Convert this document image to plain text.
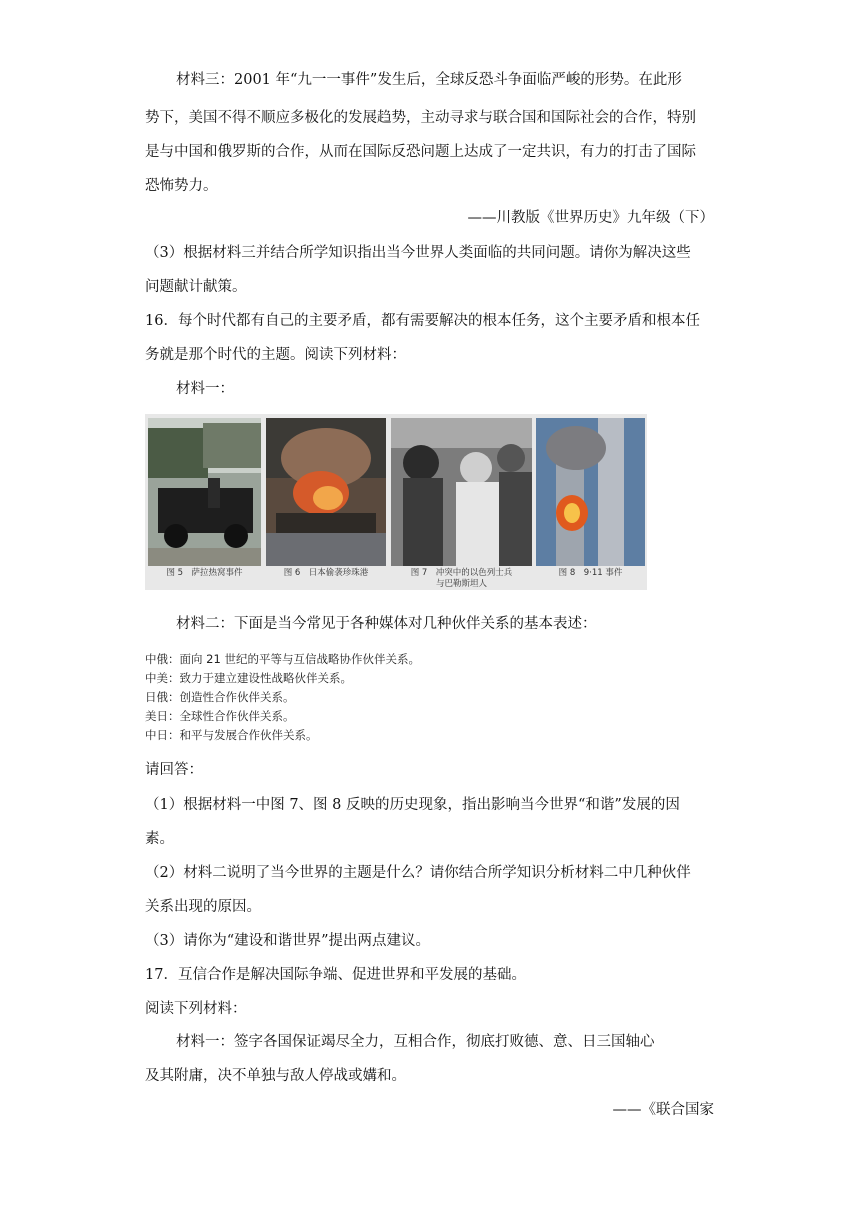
材料三：2001 年“九一一事件”发生后，全球反恐斗争面临严峻的形势。在此形
势下，美国不得不顺应多极化的发展趋势，主动寻求与联合国和国际社会的合作，特别
是与中国和俄罗斯的合作，从而在国际反恐问题上达成了一定共识，有力的打击了国际
恐怖势力。
——川教版《世界历史》九年级（下）
（3）根据材料三并结合所学知识指出当今世界人类面临的共同问题。请你为解决这些
问题献计献策。
16．每个时代都有自己的主要矛盾，都有需要解决的根本任务，这个主要矛盾和根本任
务就是那个时代的主题。阅读下列材料：
材料一：
图 5　萨拉热窝事件	图 6　日本偷袭珍珠港	图 7　冲突中的以色列士兵
与巴勒斯坦人
图 8　9·11 事件
材料二：下面是当今常见于各种媒体对几种伙伴关系的基本表述：
中俄：面向 21 世纪的平等与互信战略协作伙伴关系。
中美：致力于建立建设性战略伙伴关系。
日俄：创造性合作伙伴关系。
美日：全球性合作伙伴关系。
中日：和平与发展合作伙伴关系。
请回答：
（1）根据材料一中图 7、图 8 反映的历史现象，指出影响当今世界“和谐”发展的因
素。
（2）材料二说明了当今世界的主题是什么？请你结合所学知识分析材料二中几种伙伴
关系出现的原因。
（3）请你为“建设和谐世界”提出两点建议。
17．互信合作是解决国际争端、促进世界和平发展的基础。
阅读下列材料：
材料一：签字各国保证竭尽全力，互相合作，彻底打败德、意、日三国轴心
及其附庸，决不单独与敌人停战或媾和。
——《联合国家
